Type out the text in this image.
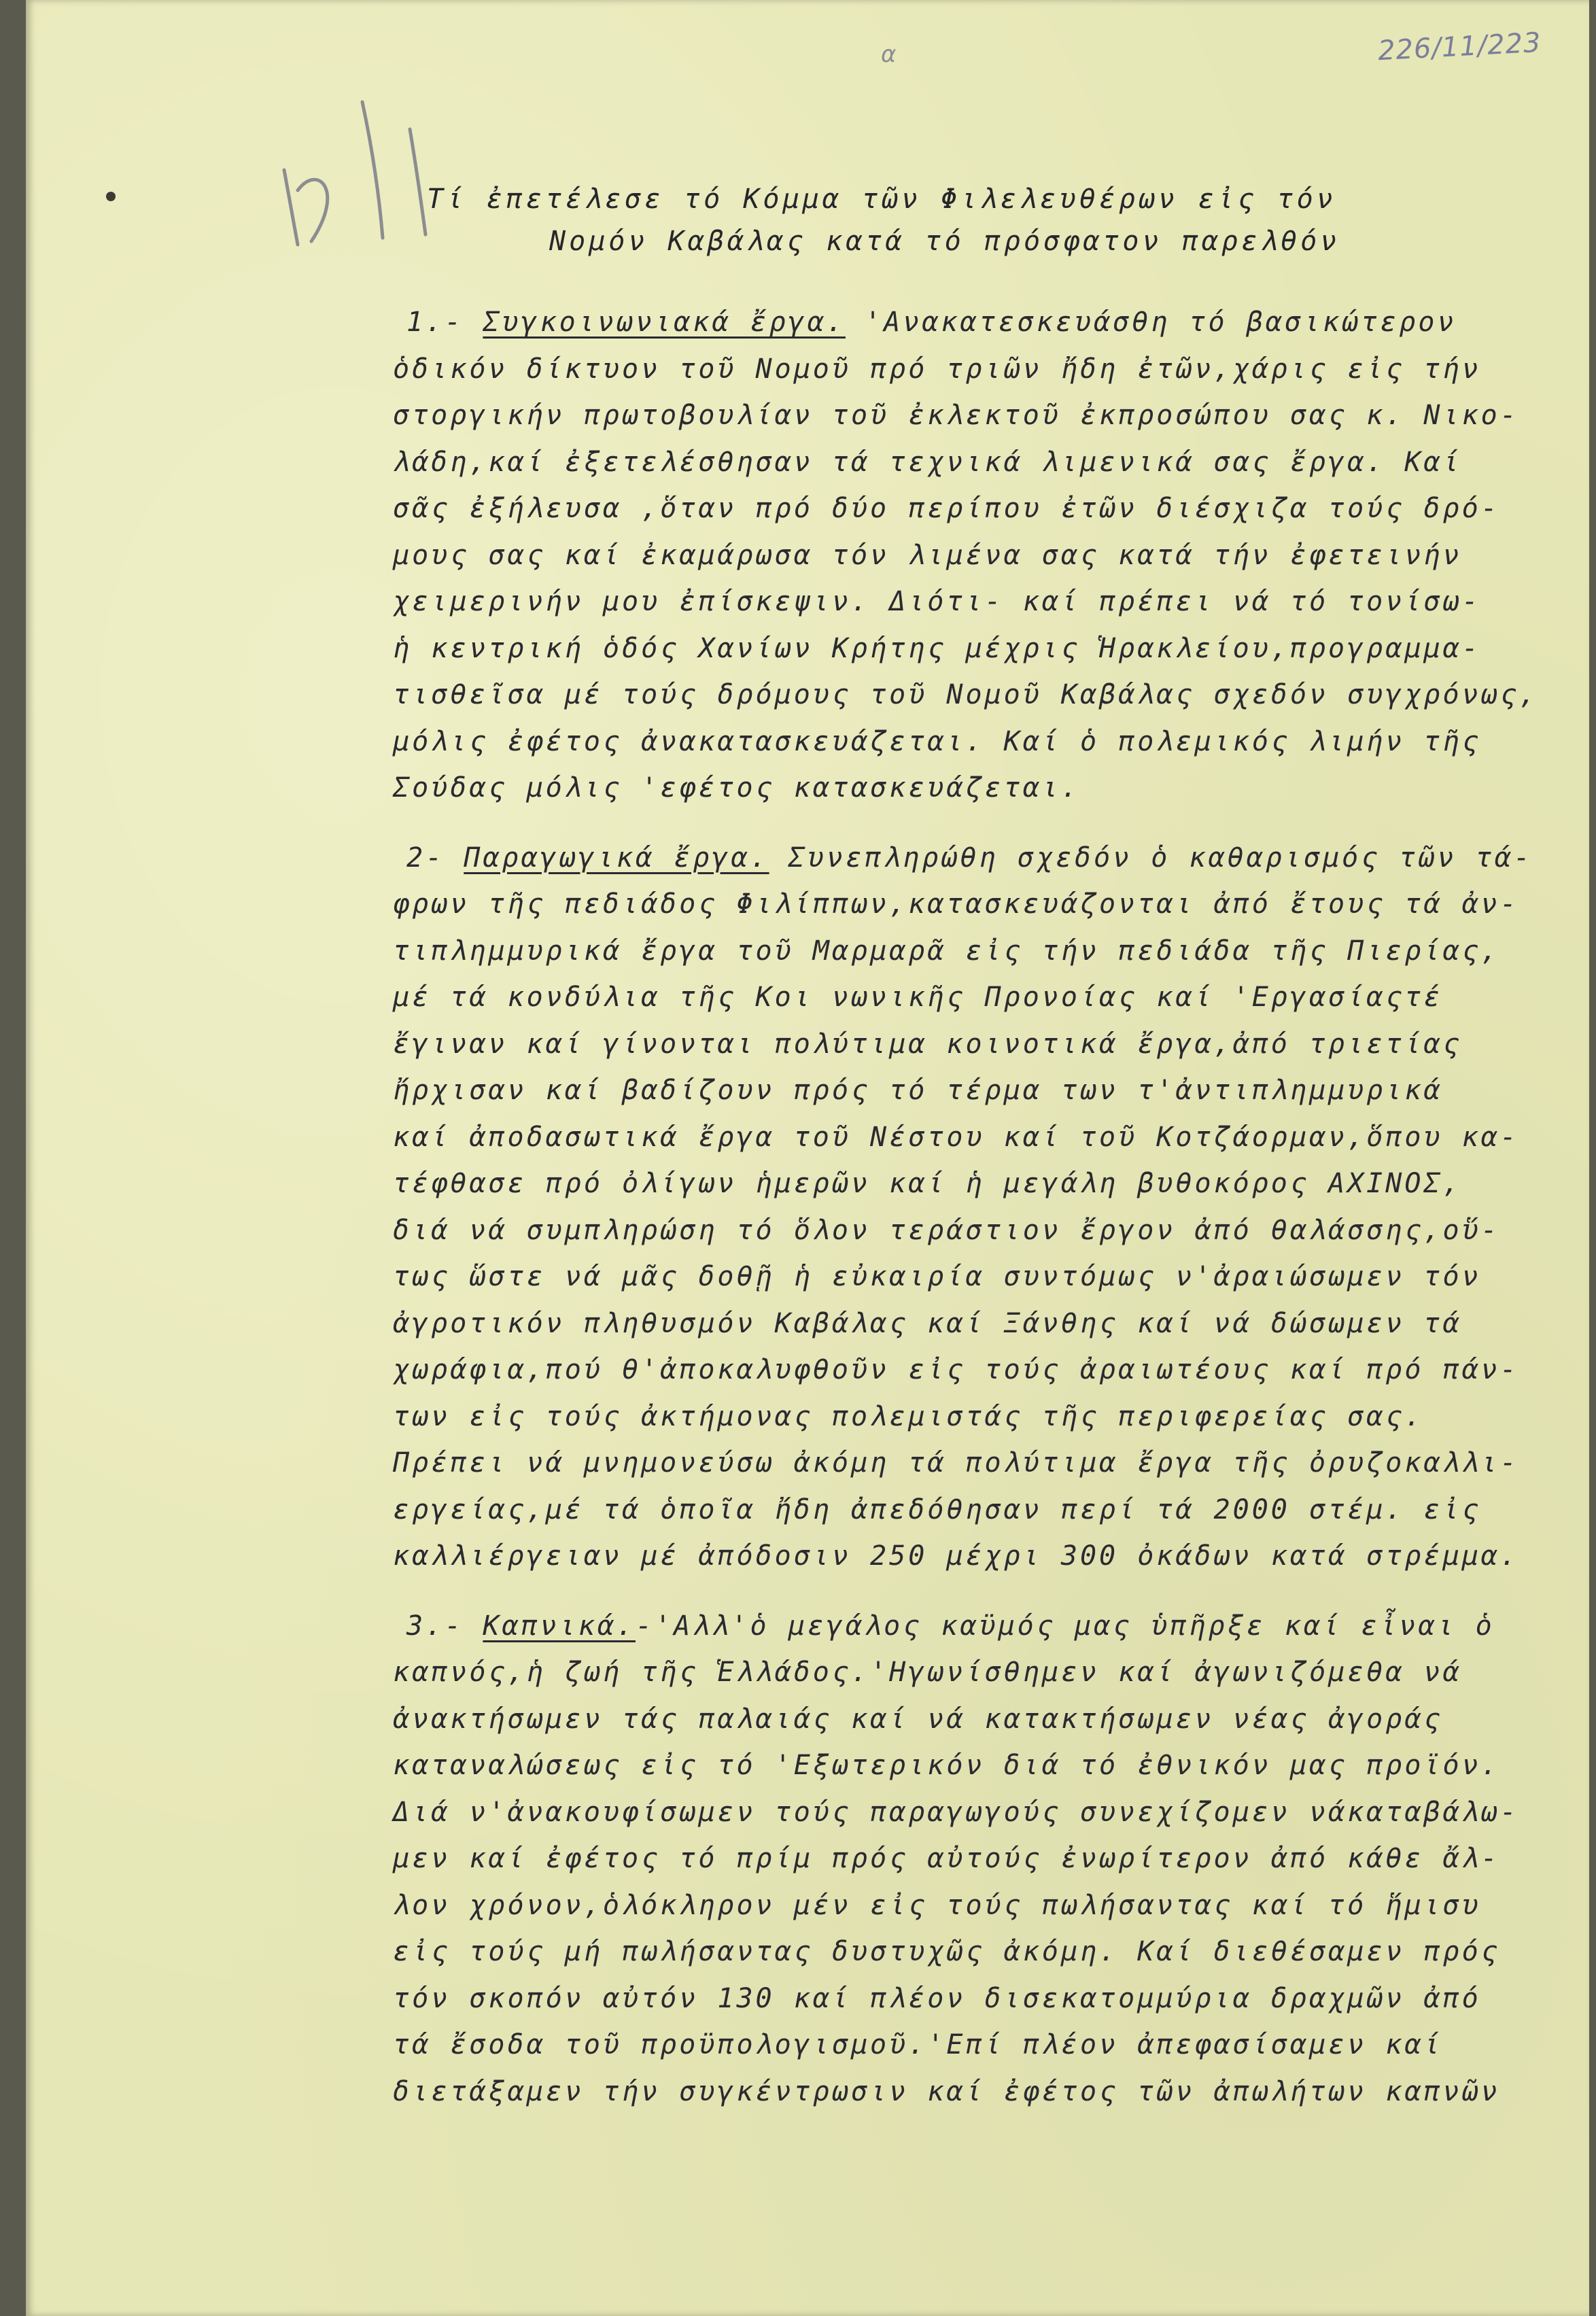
226/11/223
α
Τί ἐπετέλεσε τό Κόμμα τῶν Φιλελευθέρων εἰς τόν
Νομόν Καβάλας κατά τό πρόσφατον παρελθόν
1.- Συγκοινωνιακά ἔργα. 'Ανακατεσκευάσθη τό βασικώτερον
ὁδικόν δίκτυον τοῦ Νομοῦ πρό τριῶν ἤδη ἐτῶν,χάρις εἰς τήν
στοργικήν πρωτοβουλίαν τοῦ ἐκλεκτοῦ ἐκπροσώπου σας κ. Νικο-
λάδη,καί ἐξετελέσθησαν τά τεχνικά λιμενικά σας ἔργα. Καί
σᾶς ἐξήλευσα ,ὅταν πρό δύο περίπου ἐτῶν διέσχιζα τούς δρό-
μους σας καί ἐκαμάρωσα τόν λιμένα σας κατά τήν ἐφετεινήν
χειμερινήν μου ἐπίσκεψιν. Διότι- καί πρέπει νά τό τονίσω-
ἡ κεντρική ὁδός Χανίων Κρήτης μέχρις Ἡρακλείου,προγραμμα-
τισθεῖσα μέ τούς δρόμους τοῦ Νομοῦ Καβάλας σχεδόν συγχρόνως,
μόλις ἐφέτος ἀνακατασκευάζεται. Καί ὁ πολεμικός λιμήν τῆς
Σούδας μόλις 'εφέτος κατασκευάζεται.
2- Παραγωγικά ἔργα. Συνεπληρώθη σχεδόν ὁ καθαρισμός τῶν τά-
φρων τῆς πεδιάδος Φιλίππων,κατασκευάζονται ἀπό ἔτους τά ἀν-
τιπλημμυρικά ἔργα τοῦ Μαρμαρᾶ εἰς τήν πεδιάδα τῆς Πιερίας,
μέ τά κονδύλια τῆς Κοι νωνικῆς Προνοίας καί 'Εργασίαςτέ
ἔγιναν καί γίνονται πολύτιμα κοινοτικά ἔργα,ἀπό τριετίας
ἤρχισαν καί βαδίζουν πρός τό τέρμα των τ'ἀντιπλημμυρικά
καί ἀποδασωτικά ἔργα τοῦ Νέστου καί τοῦ Κοτζάορμαν,ὅπου κα-
τέφθασε πρό ὀλίγων ἡμερῶν καί ἡ μεγάλη βυθοκόρος ΑΧΙΝΟΣ,
διά νά συμπληρώση τό ὅλον τεράστιον ἔργον ἀπό θαλάσσης,οὕ-
τως ὥστε νά μᾶς δοθῇ ἡ εὐκαιρία συντόμως ν'ἀραιώσωμεν τόν
ἀγροτικόν πληθυσμόν Καβάλας καί Ξάνθης καί νά δώσωμεν τά
χωράφια,πού θ'ἀποκαλυφθοῦν εἰς τούς ἀραιωτέους καί πρό πάν-
των εἰς τούς ἀκτήμονας πολεμιστάς τῆς περιφερείας σας.
Πρέπει νά μνημονεύσω ἀκόμη τά πολύτιμα ἔργα τῆς ὀρυζοκαλλι-
εργείας,μέ τά ὁποῖα ἤδη ἀπεδόθησαν περί τά 2000 στέμ. εἰς
καλλιέργειαν μέ ἀπόδοσιν 250 μέχρι 300 ὀκάδων κατά στρέμμα.
3.- Καπνικά.-'Αλλ'ὁ μεγάλος καϋμός μας ὑπῆρξε καί εἶναι ὁ
καπνός,ἡ ζωή τῆς Ἑλλάδος.'Ηγωνίσθημεν καί ἀγωνιζόμεθα νά
ἀνακτήσωμεν τάς παλαιάς καί νά κατακτήσωμεν νέας ἀγοράς
καταναλώσεως εἰς τό 'Εξωτερικόν διά τό ἐθνικόν μας προϊόν.
Διά ν'ἀνακουφίσωμεν τούς παραγωγούς συνεχίζομεν νάκαταβάλω-
μεν καί ἐφέτος τό πρίμ πρός αὐτούς ἐνωρίτερον ἀπό κάθε ἄλ-
λον χρόνον,ὁλόκληρον μέν εἰς τούς πωλήσαντας καί τό ἥμισυ
εἰς τούς μή πωλήσαντας δυστυχῶς ἀκόμη. Καί διεθέσαμεν πρός
τόν σκοπόν αὐτόν 130 καί πλέον δισεκατομμύρια δραχμῶν ἀπό
τά ἔσοδα τοῦ προϋπολογισμοῦ.'Επί πλέον ἀπεφασίσαμεν καί
διετάξαμεν τήν συγκέντρωσιν καί ἐφέτος τῶν ἀπωλήτων καπνῶν
